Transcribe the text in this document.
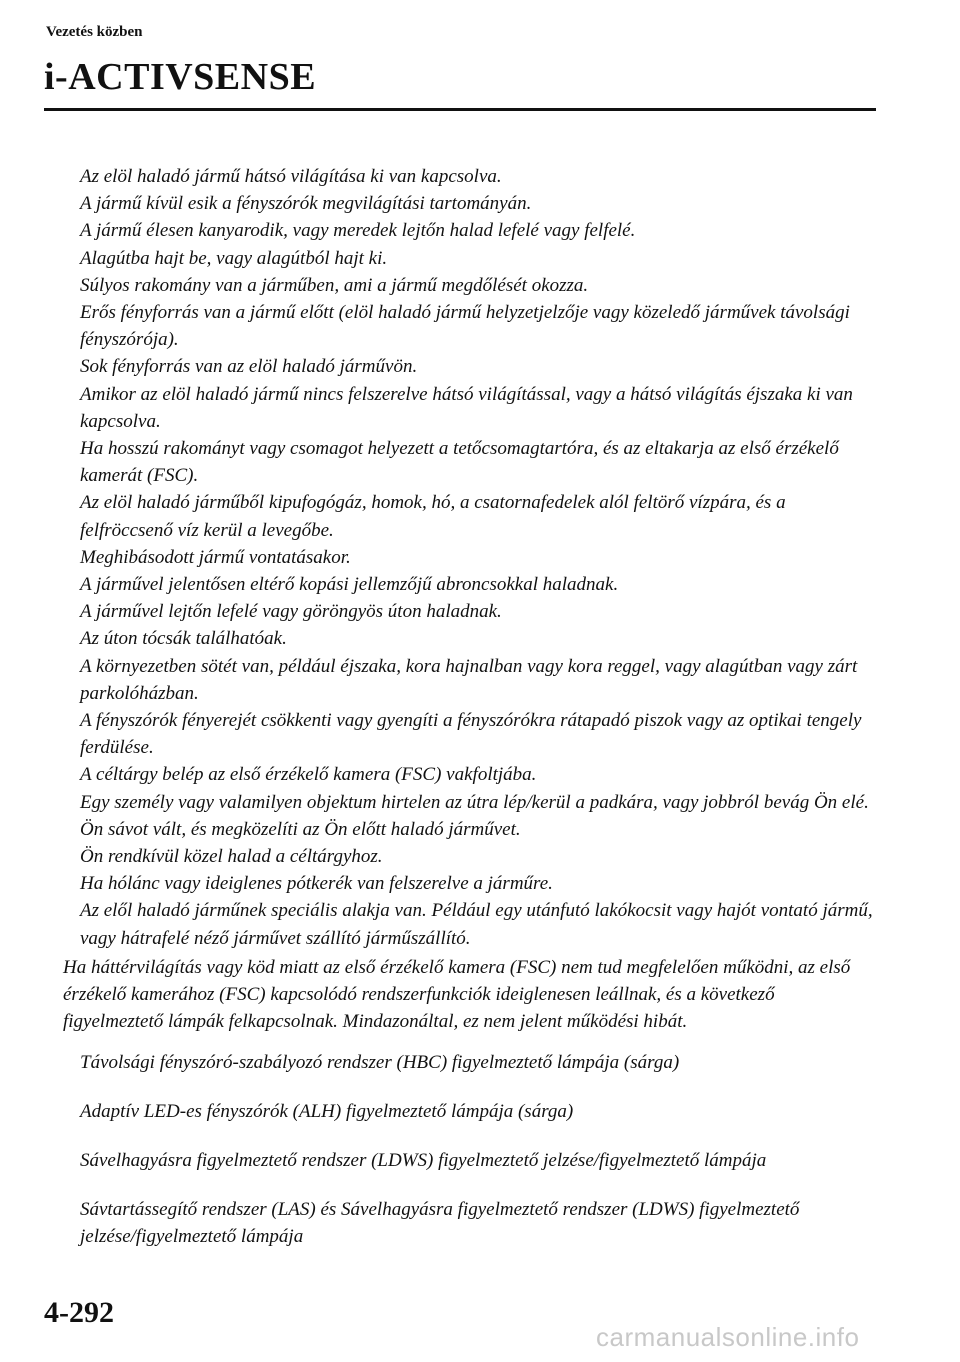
Vezetés közben
i-ACTIVSENSE
Az elöl haladó jármű hátsó világítása ki van kapcsolva.
A jármű kívül esik a fényszórók megvilágítási tartományán.
A jármű élesen kanyarodik, vagy meredek lejtőn halad lefelé vagy felfelé.
Alagútba hajt be, vagy alagútból hajt ki.
Súlyos rakomány van a járműben, ami a jármű megdőlését okozza.
Erős fényforrás van a jármű előtt (elöl haladó jármű helyzetjelzője vagy közeledő járművek távolsági fényszórója).
Sok fényforrás van az elöl haladó járművön.
Amikor az elöl haladó jármű nincs felszerelve hátsó világítással, vagy a hátsó világítás éjszaka ki van kapcsolva.
Ha hosszú rakományt vagy csomagot helyezett a tetőcsomagtartóra, és az eltakarja az első érzékelő kamerát (FSC).
Az elöl haladó járműből kipufogógáz, homok, hó, a csatornafedelek alól feltörő vízpára, és a felfröccsenő víz kerül a levegőbe.
Meghibásodott jármű vontatásakor.
A járművel jelentősen eltérő kopási jellemzőjű abroncsokkal haladnak.
A járművel lejtőn lefelé vagy göröngyös úton haladnak.
Az úton tócsák találhatóak.
A környezetben sötét van, például éjszaka, kora hajnalban vagy kora reggel, vagy alagútban vagy zárt parkolóházban.
A fényszórók fényerejét csökkenti vagy gyengíti a fényszórókra rátapadó piszok vagy az optikai tengely ferdülése.
A céltárgy belép az első érzékelő kamera (FSC) vakfoltjába.
Egy személy vagy valamilyen objektum hirtelen az útra lép/kerül a padkára, vagy jobbról bevág Ön elé.
Ön sávot vált, és megközelíti az Ön előtt haladó járművet.
Ön rendkívül közel halad a céltárgyhoz.
Ha hólánc vagy ideiglenes pótkerék van felszerelve a járműre.
Az elől haladó járműnek speciális alakja van. Például egy utánfutó lakókocsit vagy hajót vontató jármű, vagy hátrafelé néző járművet szállító járműszállító.
Ha háttérvilágítás vagy köd miatt az első érzékelő kamera (FSC) nem tud megfelelően működni, az első érzékelő kamerához (FSC) kapcsolódó rendszerfunkciók ideiglenesen leállnak, és a következő figyelmeztető lámpák felkapcsolnak. Mindazonáltal, ez nem jelent működési hibát.
Távolsági fényszóró-szabályozó rendszer (HBC) figyelmeztető lámpája (sárga)
Adaptív LED-es fényszórók (ALH) figyelmeztető lámpája (sárga)
Sávelhagyásra figyelmeztető rendszer (LDWS) figyelmeztető jelzése/figyelmeztető lámpája
Sávtartássegítő rendszer (LAS) és Sávelhagyásra figyelmeztető rendszer (LDWS) figyelmeztető jelzése/figyelmeztető lámpája
4-292
carmanualsonline.info
